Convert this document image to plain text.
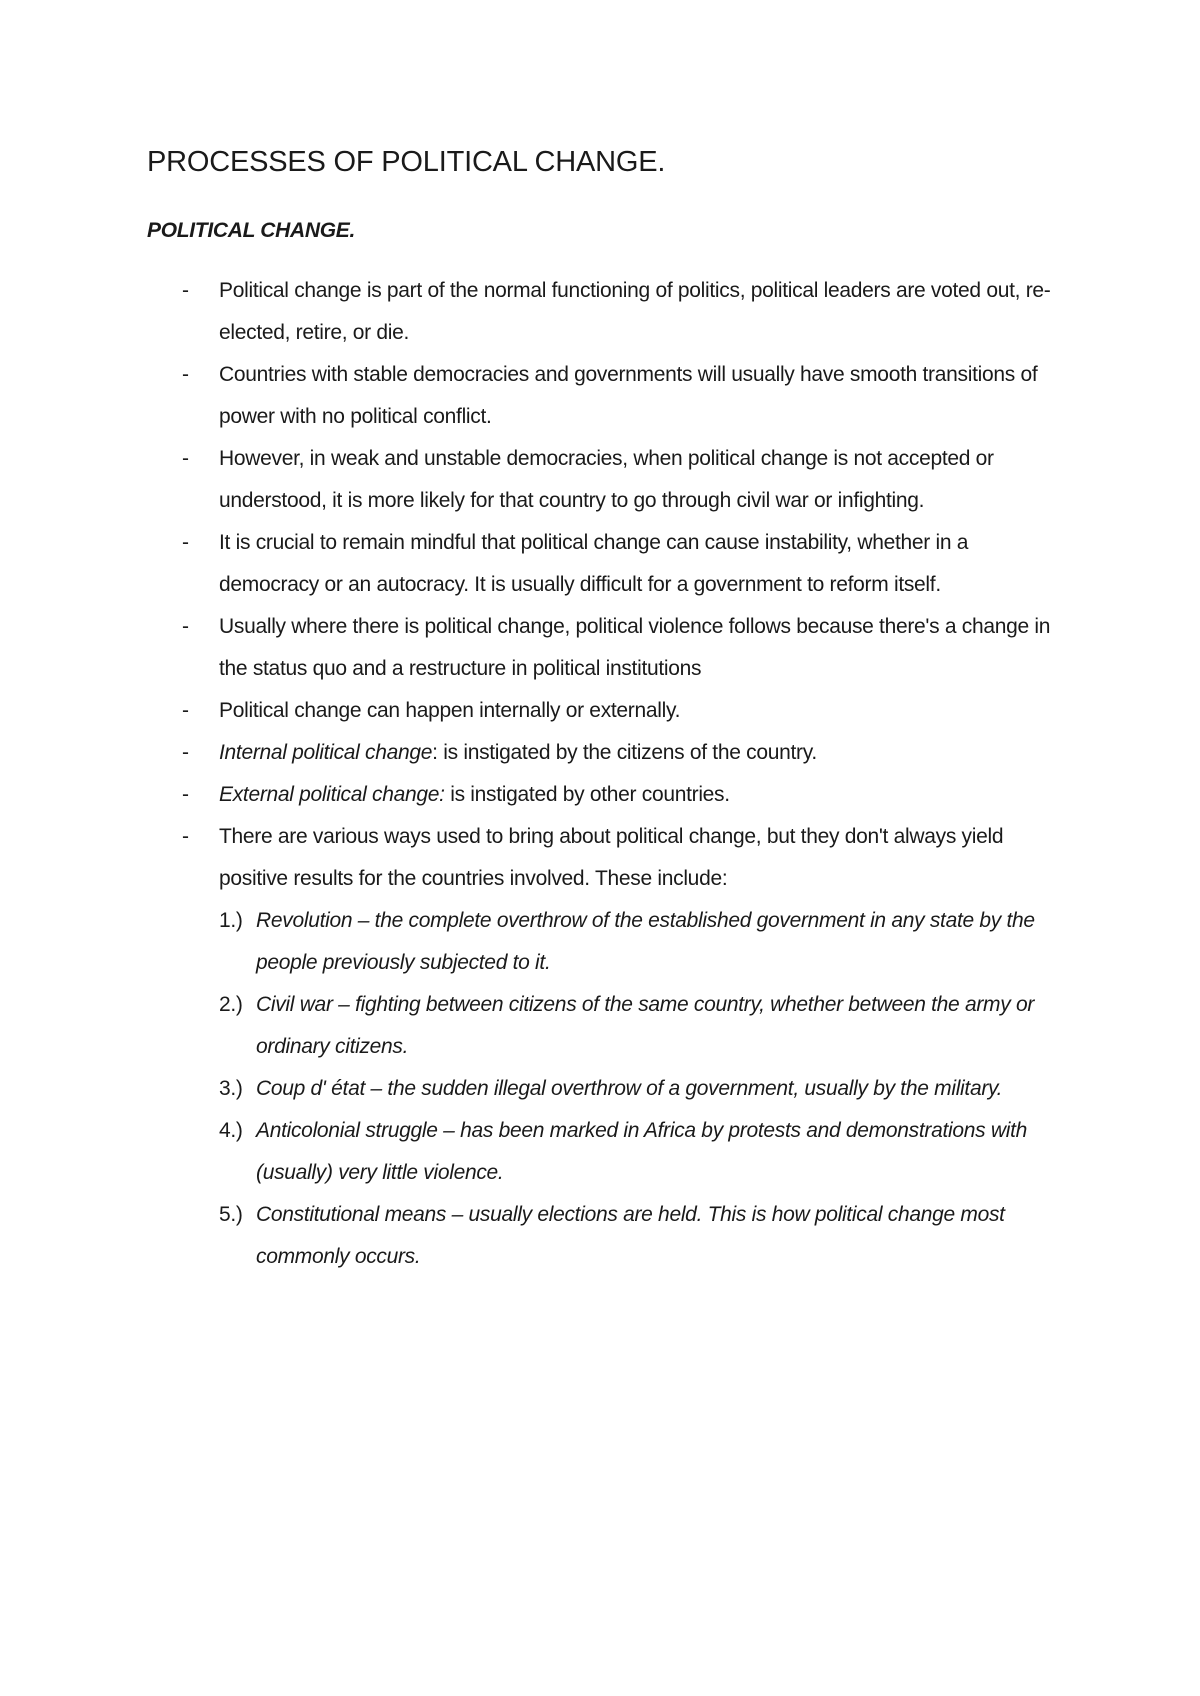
PROCESSES OF POLITICAL CHANGE.
POLITICAL CHANGE.
- Political change is part of the normal functioning of politics, political leaders are voted out, re-elected, retire, or die.
- Countries with stable democracies and governments will usually have smooth transitions of power with no political conflict.
- However, in weak and unstable democracies, when political change is not accepted or understood, it is more likely for that country to go through civil war or infighting.
- It is crucial to remain mindful that political change can cause instability, whether in a democracy or an autocracy. It is usually difficult for a government to reform itself.
- Usually where there is political change, political violence follows because there's a change in the status quo and a restructure in political institutions
- Political change can happen internally or externally.
- Internal political change: is instigated by the citizens of the country.
- External political change: is instigated by other countries.
- There are various ways used to bring about political change, but they don't always yield positive results for the countries involved. These include:
1.) Revolution – the complete overthrow of the established government in any state by the people previously subjected to it.
2.) Civil war – fighting between citizens of the same country, whether between the army or ordinary citizens.
3.) Coup d' état – the sudden illegal overthrow of a government, usually by the military.
4.) Anticolonial struggle – has been marked in Africa by protests and demonstrations with (usually) very little violence.
5.) Constitutional means – usually elections are held. This is how political change most commonly occurs.
